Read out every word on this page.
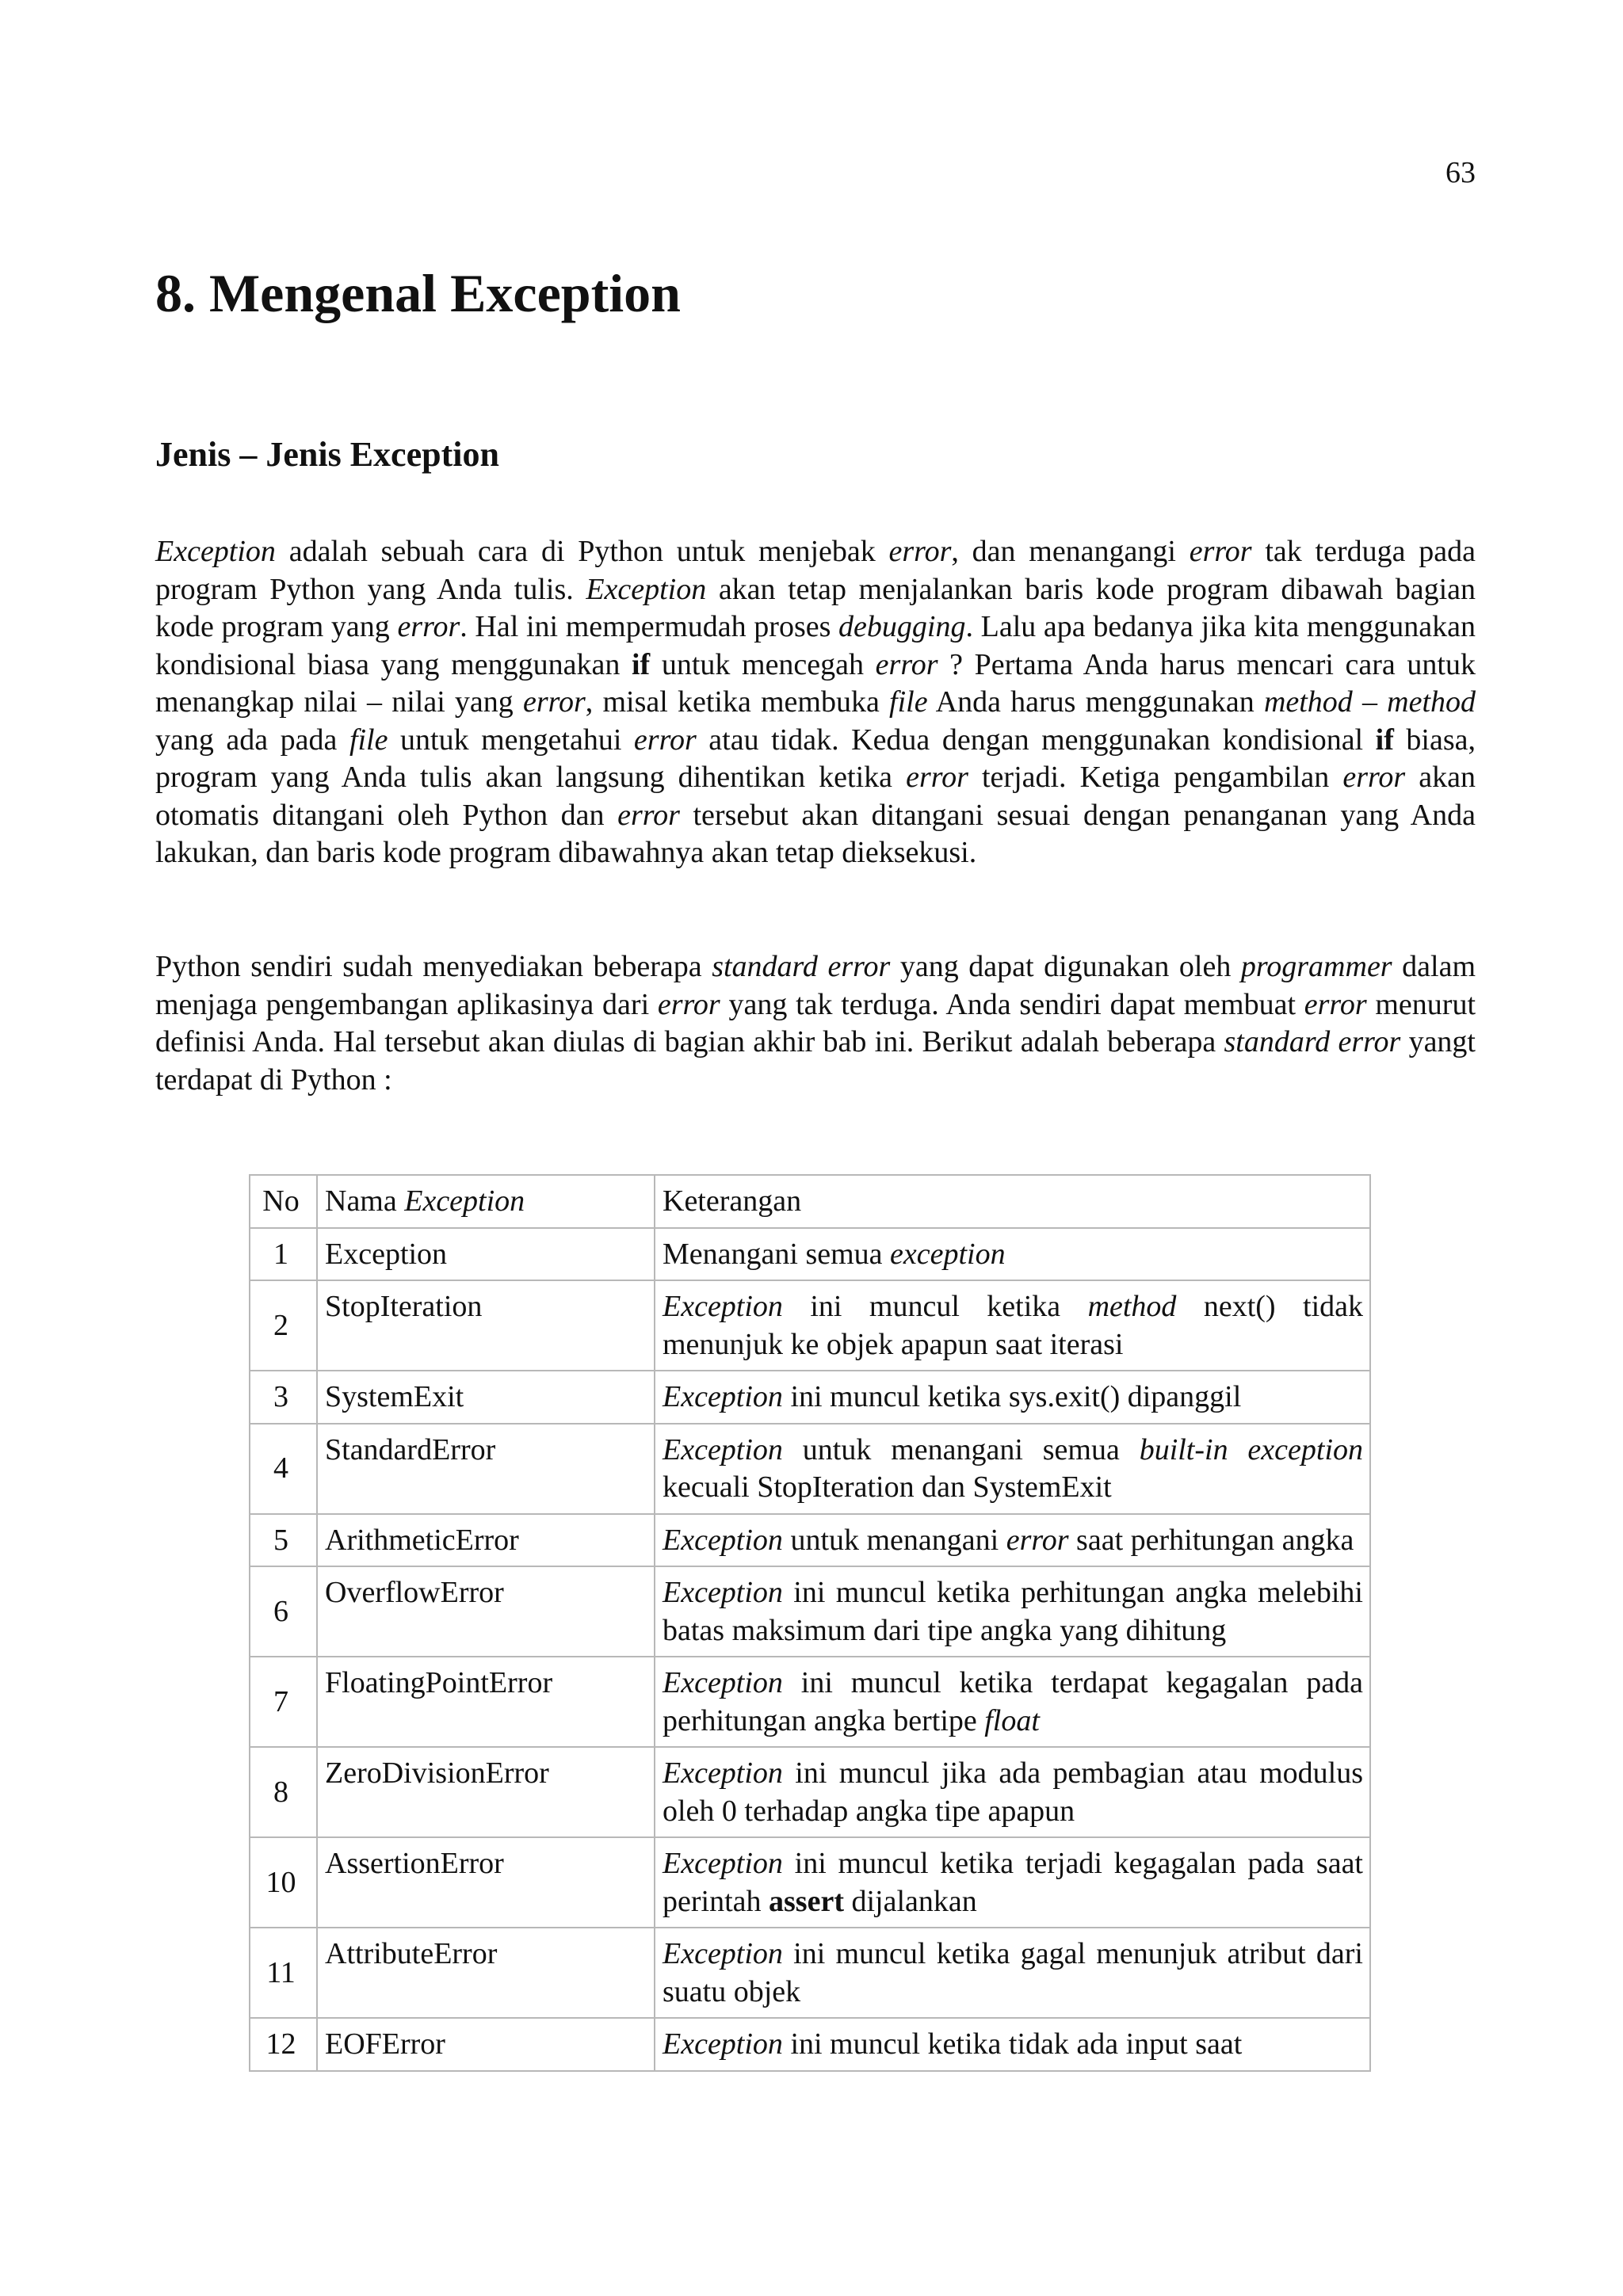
63
8. Mengenal Exception
Jenis – Jenis Exception

Exception adalah sebuah cara di Python untuk menjebak error, dan menangangi error tak terduga pada program Python yang Anda tulis. Exception akan tetap menjalankan baris kode program dibawah bagian kode program yang error. Hal ini mempermudah proses debugging. Lalu apa bedanya jika kita menggunakan kondisional biasa yang menggunakan if untuk mencegah error ? Pertama Anda harus mencari cara untuk menangkap nilai – nilai yang error, misal ketika membuka file Anda harus menggunakan method – method yang ada pada file untuk mengetahui error atau tidak. Kedua dengan menggunakan kondisional if biasa, program yang Anda tulis akan langsung dihentikan ketika error terjadi. Ketiga pengambilan error akan otomatis ditangani oleh Python dan error tersebut akan ditangani sesuai dengan penanganan yang Anda lakukan, dan baris kode program dibawahnya akan tetap dieksekusi.

Python sendiri sudah menyediakan beberapa standard error yang dapat digunakan oleh programmer dalam menjaga pengembangan aplikasinya dari error yang tak terduga. Anda sendiri dapat membuat error menurut definisi Anda. Hal tersebut akan diulas di bagian akhir bab ini. Berikut adalah beberapa standard error yangt terdapat di Python :

No	Nama Exception	Keterangan
1	Exception	Menangani semua exception
2	StopIteration	Exception ini muncul ketika method next() tidak menunjuk ke objek apapun saat iterasi
3	SystemExit	Exception ini muncul ketika sys.exit() dipanggil
4	StandardError	Exception untuk menangani semua built-in exception kecuali StopIteration dan SystemExit
5	ArithmeticError	Exception untuk menangani error saat perhitungan angka
6	OverflowError	Exception ini muncul ketika perhitungan angka melebihi batas maksimum dari tipe angka yang dihitung
7	FloatingPointError	Exception ini muncul ketika terdapat kegagalan pada perhitungan angka bertipe float
8	ZeroDivisionError	Exception ini muncul jika ada pembagian atau modulus oleh 0 terhadap angka tipe apapun
10	AssertionError	Exception ini muncul ketika terjadi kegagalan pada saat perintah assert dijalankan
11	AttributeError	Exception ini muncul ketika gagal menunjuk atribut dari suatu objek
12	EOFError	Exception ini muncul ketika tidak ada input saat
